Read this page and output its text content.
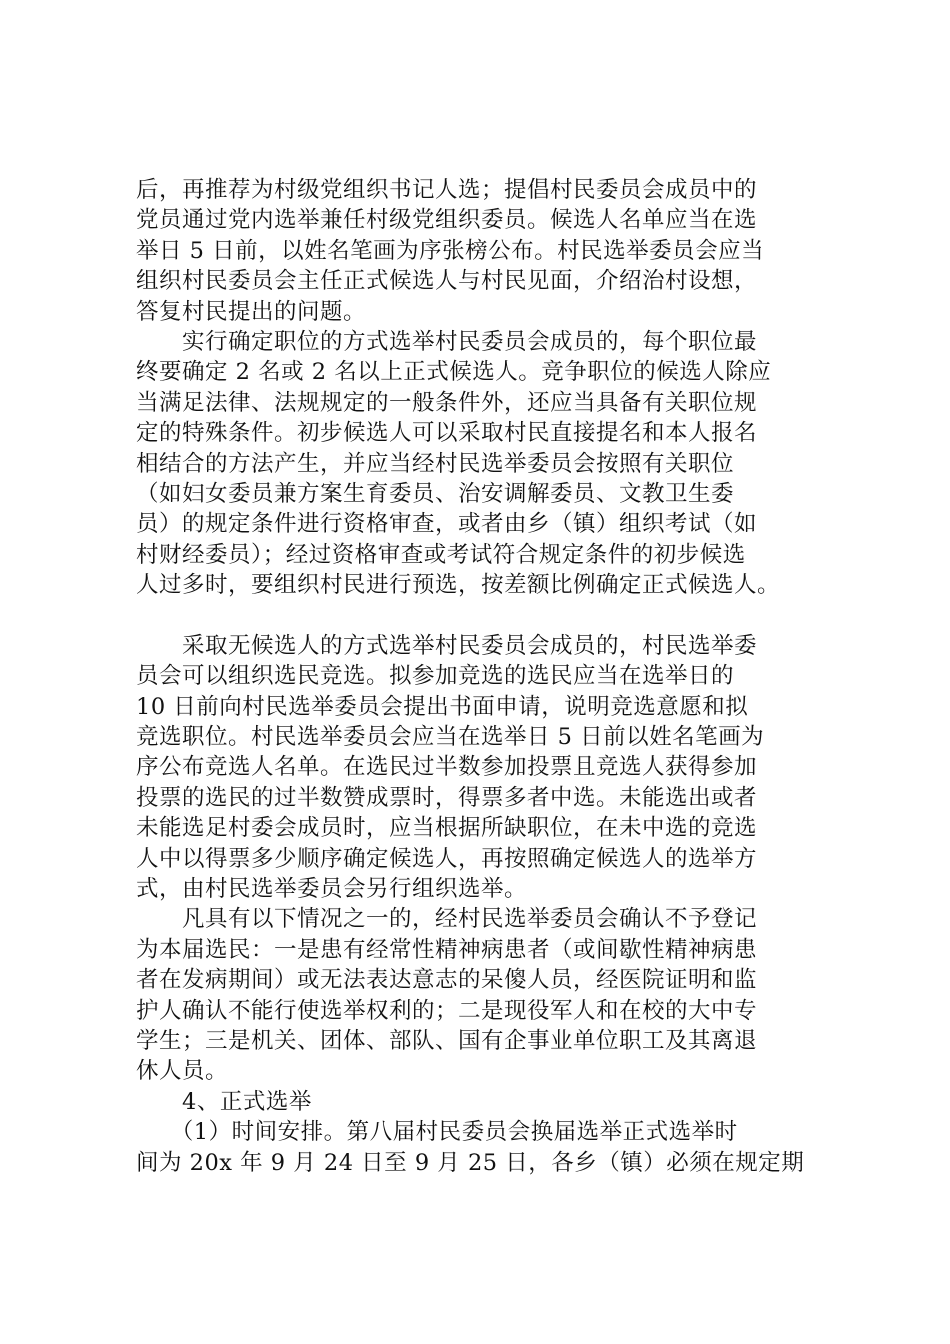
后，再推荐为村级党组织书记人选；提倡村民委员会成员中的
党员通过党内选举兼任村级党组织委员。候选人名单应当在选
举日 5 日前，以姓名笔画为序张榜公布。村民选举委员会应当
组织村民委员会主任正式候选人与村民见面，介绍治村设想，
答复村民提出的问题。
　　实行确定职位的方式选举村民委员会成员的，每个职位最
终要确定 2 名或 2 名以上正式候选人。竞争职位的候选人除应
当满足法律、法规规定的一般条件外，还应当具备有关职位规
定的特殊条件。初步候选人可以采取村民直接提名和本人报名
相结合的方法产生，并应当经村民选举委员会按照有关职位
（如妇女委员兼方案生育委员、治安调解委员、文教卫生委
员）的规定条件进行资格审查，或者由乡（镇）组织考试（如
村财经委员）；经过资格审查或考试符合规定条件的初步候选
人过多时，要组织村民进行预选，按差额比例确定正式候选人。
　　采取无候选人的方式选举村民委员会成员的，村民选举委
员会可以组织选民竞选。拟参加竞选的选民应当在选举日的
10 日前向村民选举委员会提出书面申请，说明竞选意愿和拟
竞选职位。村民选举委员会应当在选举日 5 日前以姓名笔画为
序公布竞选人名单。在选民过半数参加投票且竞选人获得参加
投票的选民的过半数赞成票时，得票多者中选。未能选出或者
未能选足村委会成员时，应当根据所缺职位，在未中选的竞选
人中以得票多少顺序确定候选人，再按照确定候选人的选举方
式，由村民选举委员会另行组织选举。
　　凡具有以下情况之一的，经村民选举委员会确认不予登记
为本届选民：一是患有经常性精神病患者（或间歇性精神病患
者在发病期间）或无法表达意志的呆傻人员，经医院证明和监
护人确认不能行使选举权利的；二是现役军人和在校的大中专
学生；三是机关、团体、部队、国有企事业单位职工及其离退
休人员。
　　4、正式选举
　　（1）时间安排。第八届村民委员会换届选举正式选举时
间为 20x 年 9 月 24 日至 9 月 25 日，各乡（镇）必须在规定期
